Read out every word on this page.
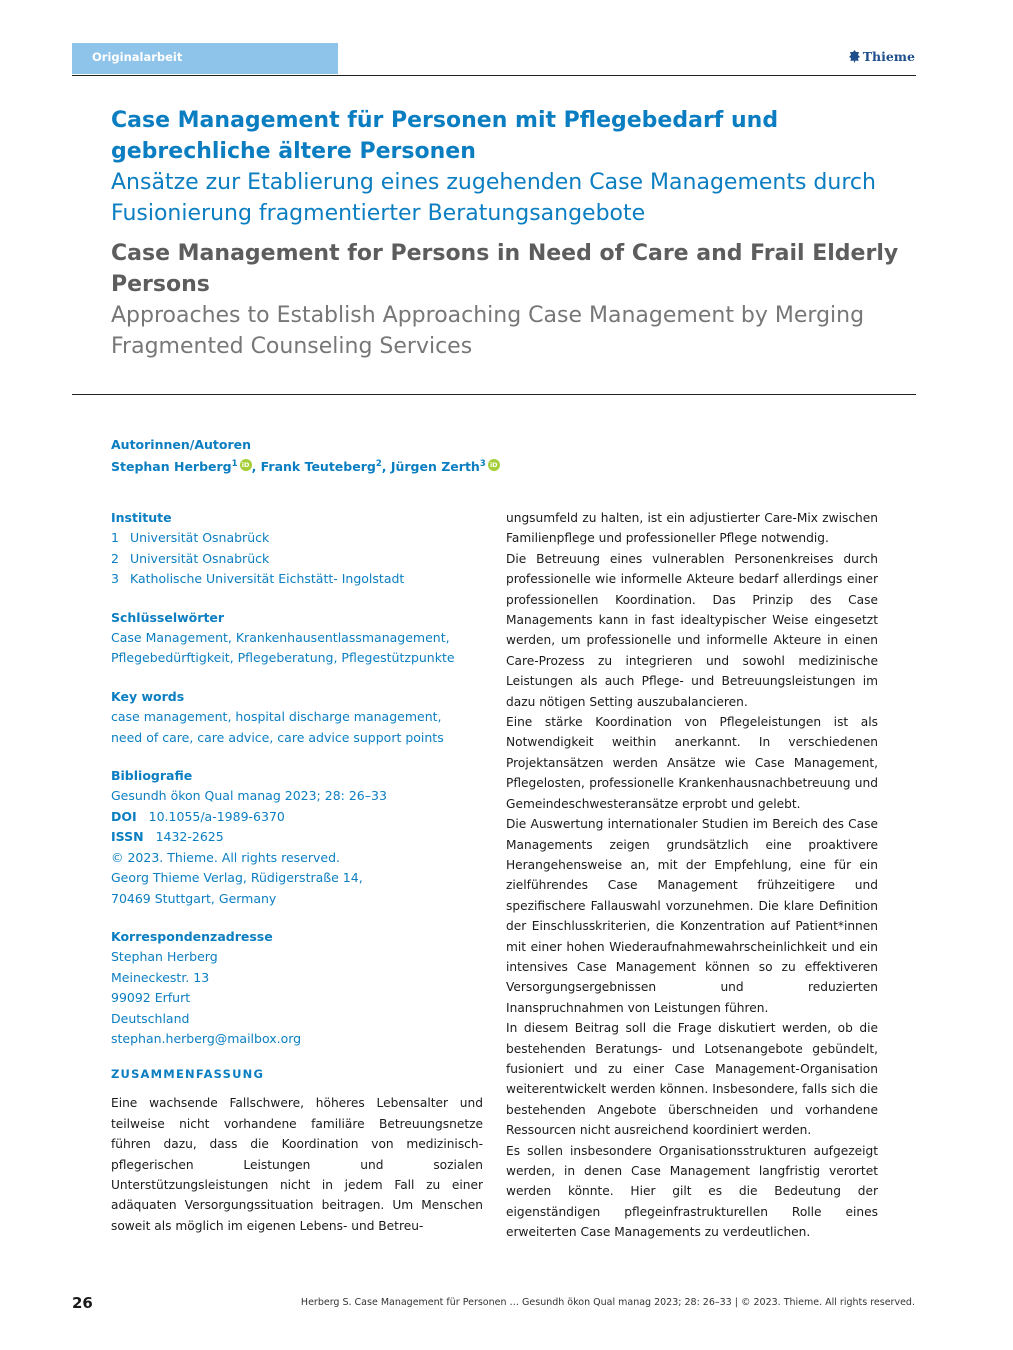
Originalarbeit	Thieme
Case Management für Personen mit Pflegebedarf und gebrechliche ältere Personen
Ansätze zur Etablierung eines zugehenden Case Managements durch Fusionierung fragmentierter Beratungsangebote
Case Management for Persons in Need of Care and Frail Elderly Persons
Approaches to Establish Approaching Case Management by Merging Fragmented Counseling Services
Autorinnen/Autoren
Stephan Herberg$^1$ iD , Frank Teuteberg$^2$, Jürgen Zerth$^3$ iD
Institute
1 Universität Osnabrück
2 Universität Osnabrück
3 Katholische Universität Eichstätt- Ingolstadt
Schlüsselwörter
Case Management, Krankenhausentlassmanagement,
Pflegebedürftigkeit, Pflegeberatung, Pflegestützpunkte
Key words
case management, hospital discharge management,
need of care, care advice, care advice support points
Bibliografie
Gesundh ökon Qual manag 2023; 28: 26–33
DOI 10.1055/a-1989-6370
ISSN 1432-2625
© 2023. Thieme. All rights reserved.
Georg Thieme Verlag, Rüdigerstraße 14,
70469 Stuttgart, Germany
Korrespondenzadresse
Stephan Herberg
Meineckestr. 13
99092 Erfurt
Deutschland
stephan.herberg@mailbox.org
ZUSAMMENFASSUNG
Eine wachsende Fallschwere, höheres Lebensalter und teilweise nicht vorhandene familiäre Betreuungsnetze führen dazu, dass die Koordination von medizinisch-pflegerischen Leistungen und sozialen Unterstützungsleistungen nicht in jedem Fall zu einer adäquaten Versorgungssituation beitragen. Um Menschen soweit als möglich im eigenen Lebens- und Betreu-

ungsumfeld zu halten, ist ein adjustierter Care-Mix zwischen Familienpflege und professioneller Pflege notwendig.

Die Betreuung eines vulnerablen Personenkreises durch professionelle wie informelle Akteure bedarf allerdings einer professionellen Koordination. Das Prinzip des Case Managements kann in fast idealtypischer Weise eingesetzt werden, um professionelle und informelle Akteure in einen Care-Prozess zu integrieren und sowohl medizinische Leistungen als auch Pflege- und Betreuungsleistungen im dazu nötigen Setting auszubalancieren.

Eine stärke Koordination von Pflegeleistungen ist als Notwendigkeit weithin anerkannt. In verschiedenen Projektansätzen werden Ansätze wie Case Management, Pflegelosten, professionelle Krankenhausnachbetreuung und Gemeindeschwesteransätze erprobt und gelebt.

Die Auswertung internationaler Studien im Bereich des Case Managements zeigen grundsätzlich eine proaktivere Herangehensweise an, mit der Empfehlung, eine für ein zielführendes Case Management frühzeitigere und spezifischere Fallauswahl vorzunehmen. Die klare Definition der Einschlusskriterien, die Konzentration auf Patient*innen mit einer hohen Wiederaufnahmewahrscheinlichkeit und ein intensives Case Management können so zu effektiveren Versorgungsergebnissen und reduzierten Inanspruchnahmen von Leistungen führen.

In diesem Beitrag soll die Frage diskutiert werden, ob die bestehenden Beratungs- und Lotsenangebote gebündelt, fusioniert und zu einer Case Management-Organisation weiterentwickelt werden können. Insbesondere, falls sich die bestehenden Angebote überschneiden und vorhandene Ressourcen nicht ausreichend koordiniert werden.

Es sollen insbesondere Organisationsstrukturen aufgezeigt werden, in denen Case Management langfristig verortet werden könnte. Hier gilt es die Bedeutung der eigenständigen pflegeinfrastrukturellen Rolle eines erweiterten Case Managements zu verdeutlichen.

26	Herberg S. Case Management für Personen … Gesundh ökon Qual manag 2023; 28: 26–33 | © 2023. Thieme. All rights reserved.
